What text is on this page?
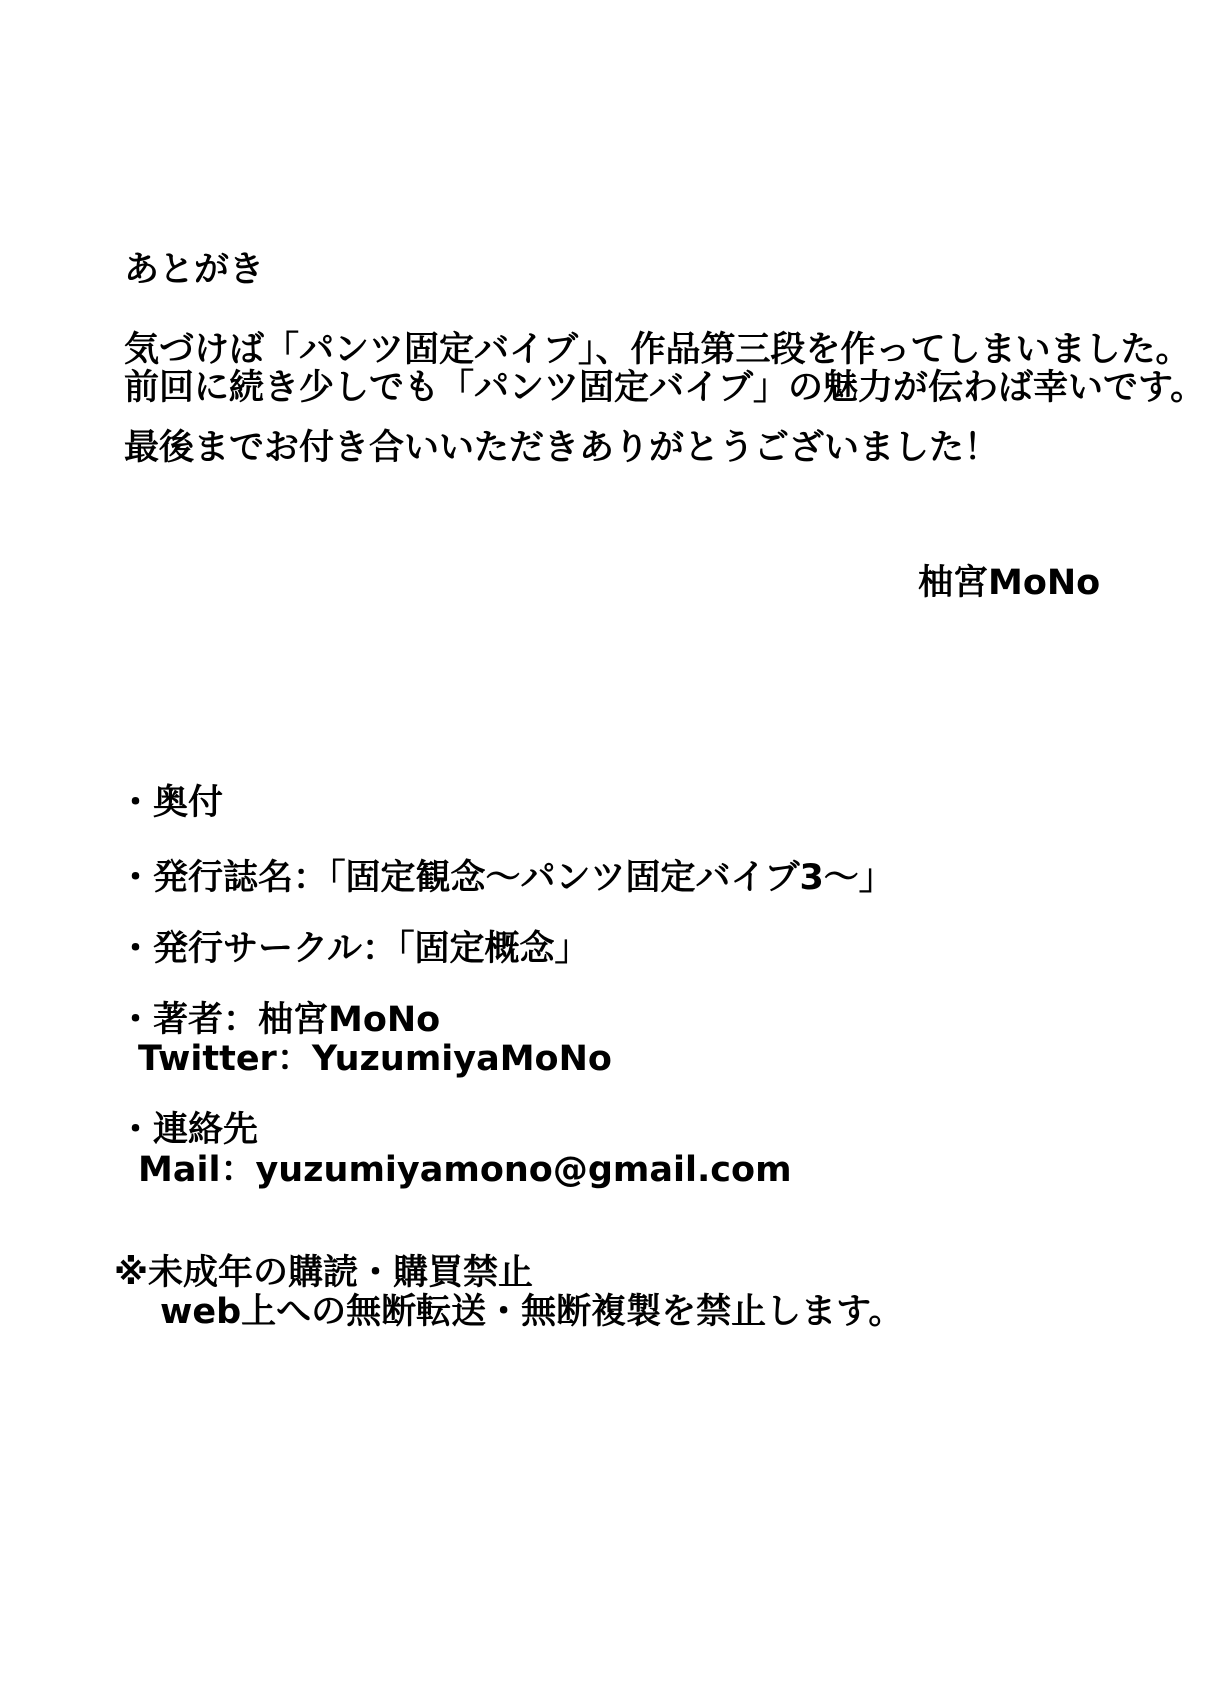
あとがき

気づけば「パンツ固定バイブ」、作品第三段を作ってしまいました。

前回に続き少しでも「パンツ固定バイブ」の魅力が伝わば幸いです。

最後までお付き合いいただきありがとうございました！

柚宮MoNo

・奥付

・発行誌名：「固定観念～パンツ固定バイブ3～」

・発行サークル：「固定概念」

・著者：柚宮MoNo

Twitter：YuzumiyaMoNo

・連絡先

Mail：yuzumiyamono@gmail.com

※未成年の購読・購買禁止

web上への無断転送・無断複製を禁止します。
